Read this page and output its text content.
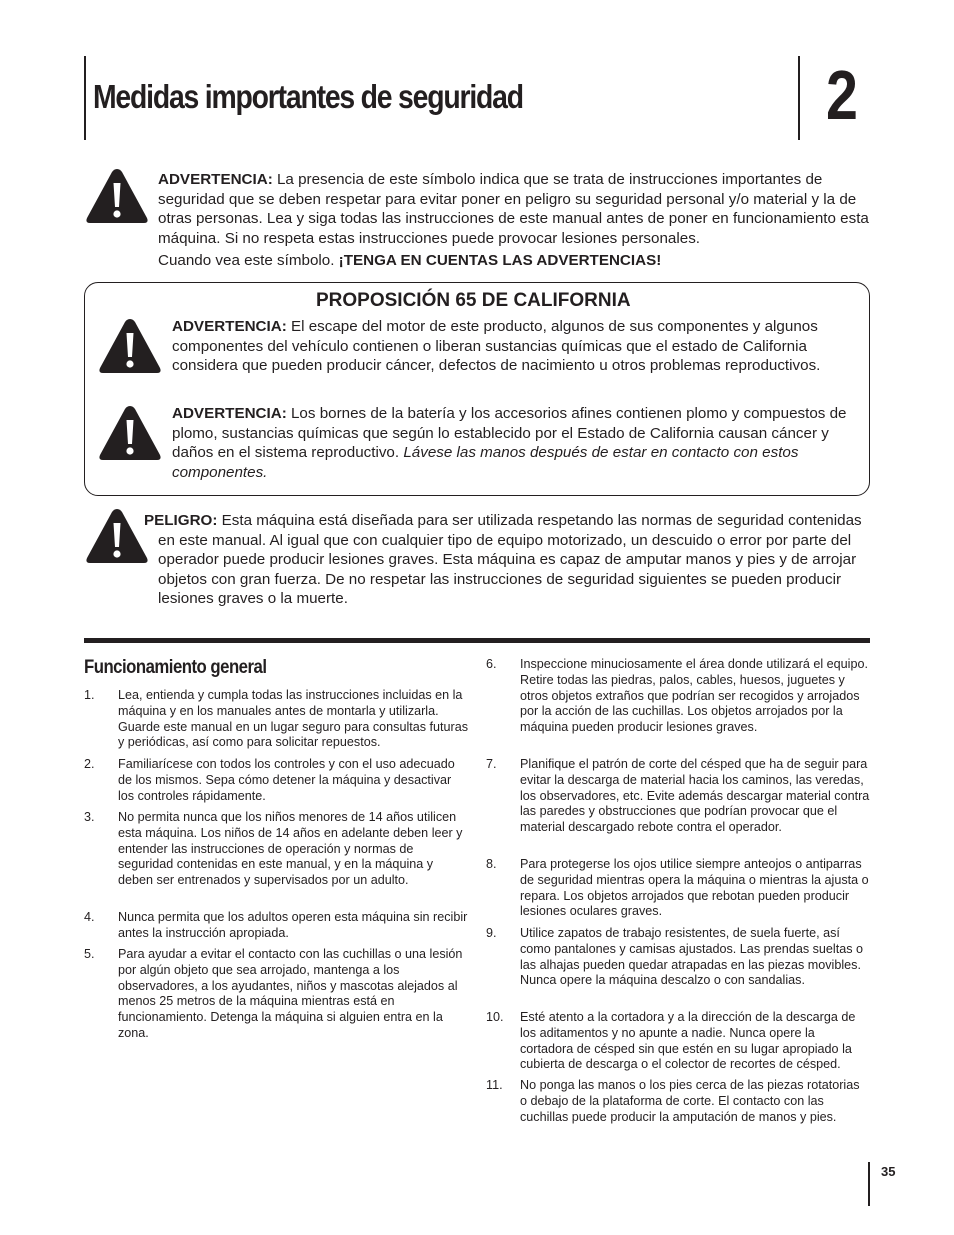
Medidas importantes de seguridad	2
ADVERTENCIA: La presencia de este símbolo indica que se trata de instrucciones importantes de seguridad que se deben respetar para evitar poner en peligro su seguridad personal y/o material y la de otras personas. Lea y siga todas las instrucciones de este manual antes de poner en funcionamiento esta máquina. Si no respeta estas instrucciones puede provocar lesiones personales.
Cuando vea este símbolo. ¡TENGA EN CUENTAS LAS ADVERTENCIAS!
PROPOSICIÓN 65 DE CALIFORNIA
ADVERTENCIA: El escape del motor de este producto, algunos de sus componentes y algunos componentes del vehículo contienen o liberan sustancias químicas que el estado de California considera que pueden producir cáncer, defectos de nacimiento u otros problemas reproductivos.
ADVERTENCIA: Los bornes de la batería y los accesorios afines contienen plomo y compuestos de plomo, sustancias químicas que según lo establecido por el Estado de California causan cáncer y daños en el sistema reproductivo. Lávese las manos después de estar en contacto con estos componentes.
PELIGRO: Esta máquina está diseñada para ser utilizada respetando las normas de seguridad contenidas en este manual. Al igual que con cualquier tipo de equipo motorizado, un descuido o error por parte del operador puede producir lesiones graves. Esta máquina es capaz de amputar manos y pies y de arrojar objetos con gran fuerza. De no respetar las instrucciones de seguridad siguientes se pueden producir lesiones graves o la muerte.
Funcionamiento general
1. Lea, entienda y cumpla todas las instrucciones incluidas en la máquina y en los manuales antes de montarla y utilizarla. Guarde este manual en un lugar seguro para consultas futuras y periódicas, así como para solicitar repuestos.
2. Familiarícese con todos los controles y con el uso adecuado de los mismos. Sepa cómo detener la máquina y desactivar los controles rápidamente.
3. No permita nunca que los niños menores de 14 años utilicen esta máquina. Los niños de 14 años en adelante deben leer y entender las instrucciones de operación y normas de seguridad contenidas en este manual, y en la máquina y deben ser entrenados y supervisados por un adulto.
4. Nunca permita que los adultos operen esta máquina sin recibir antes la instrucción apropiada.
5. Para ayudar a evitar el contacto con las cuchillas o una lesión por algún objeto que sea arrojado, mantenga a los observadores, a los ayudantes, niños y mascotas alejados al menos 25 metros de la máquina mientras está en funcionamiento. Detenga la máquina si alguien entra en la zona.
6. Inspeccione minuciosamente el área donde utilizará el equipo. Retire todas las piedras, palos, cables, huesos, juguetes y otros objetos extraños que podrían ser recogidos y arrojados por la acción de las cuchillas. Los objetos arrojados por la máquina pueden producir lesiones graves.
7. Planifique el patrón de corte del césped que ha de seguir para evitar la descarga de material hacia los caminos, las veredas, los observadores, etc. Evite además descargar material contra las paredes y obstrucciones que podrían provocar que el material descargado rebote contra el operador.
8. Para protegerse los ojos utilice siempre anteojos o antiparras de seguridad mientras opera la máquina o mientras la ajusta o repara. Los objetos arrojados que rebotan pueden producir lesiones oculares graves.
9. Utilice zapatos de trabajo resistentes, de suela fuerte, así como pantalones y camisas ajustados. Las prendas sueltas o las alhajas pueden quedar atrapadas en las piezas movibles. Nunca opere la máquina descalzo o con sandalias.
10. Esté atento a la cortadora y a la dirección de la descarga de los aditamentos y no apunte a nadie. Nunca opere la cortadora de césped sin que estén en su lugar apropiado la cubierta de descarga o el colector de recortes de césped.
11. No ponga las manos o los pies cerca de las piezas rotatorias o debajo de la plataforma de corte. El contacto con las cuchillas puede producir la amputación de manos y pies.
35
